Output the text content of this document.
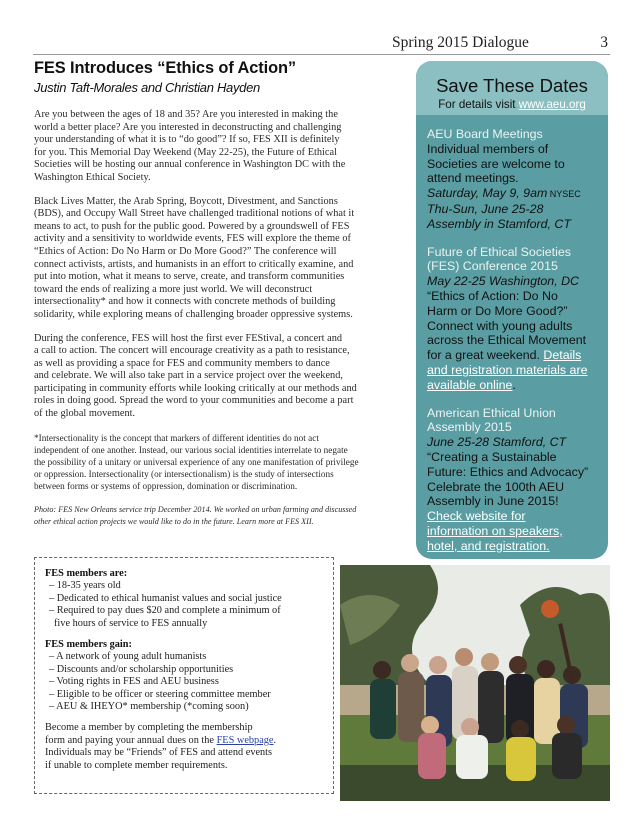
Spring 2015 Dialogue	3
FES Introduces “Ethics of Action”
Justin Taft-Morales and Christian Hayden

Are you between the ages of 18 and 35? Are you interested in making the
world a better place? Are you interested in deconstructing and challenging
your understanding of what it is to “do good”? If so, FES XII is definitely
for you. This Memorial Day Weekend (May 22-25), the Future of Ethical
Societies will be hosting our annual conference in Washington DC with the
Washington Ethical Society.

Black Lives Matter, the Arab Spring, Boycott, Divestment, and Sanctions
(BDS), and Occupy Wall Street have challenged traditional notions of what it
means to act, to push for the public good. Powered by a groundswell of FES
activity and a sensitivity to worldwide events, FES will explore the theme of
“Ethics of Action: Do No Harm or Do More Good?” The conference will
connect activists, artists, and humanists in an effort to critically examine, and
put into motion, what it means to serve, create, and transform communities
toward the ends of realizing a more just world. We will deconstruct
intersectionality* and how it connects with concrete methods of building
solidarity, while exploring means of challenging broader oppressive systems.

During the conference, FES will host the first ever FEStival, a concert and
a call to action. The concert will encourage creativity as a path to resistance,
as well as providing a space for FES and community members to dance
and celebrate. We will also take part in a service project over the weekend,
participating in community efforts while looking critically at our methods and
roles in doing good. Spread the word to your communities and become a part
of the global movement.

*Intersectionality is the concept that markers of different identities do not act
independent of one another. Instead, our various social identities interrelate to negate
the possibility of a unitary or universal experience of any one manifestation of privilege
or oppression. Intersectionality (or intersectionalism) is the study of intersections
between forms or systems of oppression, domination or discrimination.

Photo: FES New Orleans service trip December 2014. We worked on urban farming and discussed
other ethical action projects we would like to do in the future. Learn more at FES XII.

Save These Dates
For details visit www.aeu.org

AEU Board Meetings

Individual members of
Societies are welcome to
attend meetings.

Saturday, May 9, 9am NYSEC
Thu-Sun, June 25-28
Assembly in Stamford, CT

Future of Ethical Societies
(FES) Conference 2015

May 22-25 Washington, DC

“Ethics of Action: Do No
Harm or Do More Good?”
Connect with young adults
across the Ethical Movement
for a great weekend. Details
and registration materials are
available online.

American Ethical Union
Assembly 2015

June 25-28 Stamford, CT

“Creating a Sustainable
Future: Ethics and Advocacy”
Celebrate the 100th AEU
Assembly in June 2015!
Check website for
information on speakers,
hotel, and registration.

FES members are:

– 18-35 years old

– Dedicated to ethical humanist values and social justice

– Required to pay dues $20 and complete a minimum of

five hours of service to FES annually

FES members gain:

– A network of young adult humanists

– Discounts and/or scholarship opportunities

– Voting rights in FES and AEU business

– Eligible to be officer or steering committee member

– AEU & IHEYO* membership (*coming soon)

Become a member by completing the membership
form and paying your annual dues on the FES webpage.
Individuals may be “Friends” of FES and attend events
if unable to complete member requirements.
